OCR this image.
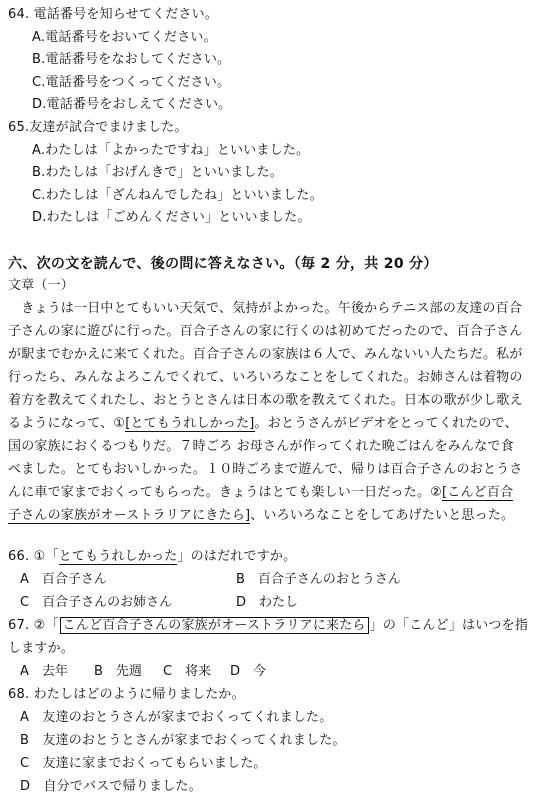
64. 電話番号を知らせてください。
A.電話番号をおいてください。
B.電話番号をなおしてください。
C.電話番号をつくってください。
D.電話番号をおしえてください。
65.友達が試合でまけました。
A.わたしは「よかったですね」といいました。
B.わたしは「おげんきで」といいました。
C.わたしは「ざんねんでしたね」といいました。
D.わたしは「ごめんください」といいました。
六、次の文を読んで、後の問に答えなさい。（毎 2 分，共 20 分）
文章（一）
　きょうは一日中とてもいい天気で、気持がよかった。午後からテニス部の友達の百合
子さんの家に遊びに行った。百合子さんの家に行くのは初めてだったので、百合子さん
が駅までむかえに来てくれた。百合子さんの家族は６人で、みんないい人たちだ。私が
行ったら、みんなよろこんでくれて、いろいろなことをしてくれた。お姉さんは着物の
着方を教えてくれたし、おとうとさんは日本の歌を教えてくれた。日本の歌が少し歌え
るようになって、①[とてもうれしかった]。おとうさんがビデオをとってくれたので、
国の家族におくるつもりだ。７時ごろ お母さんが作ってくれた晩ごはんをみんなで食
べました。とてもおいしかった。１０時ごろまで遊んで、帰りは百合子さんのおとうさ
んに車で家までおくってもらった。きょうはとても楽しい一日だった。②[こんど百合
子さんの家族がオーストラリアにきたら]、いろいろなことをしてあげたいと思った。
66. ①「とてもうれしかった」のはだれですか。
A　百合子さん	B　百合子さんのおとうさん
C　百合子さんのお姉さん	D　わたし
67. ②「 こんど百合子さんの家族がオーストラリアに来たら 」の「こんど」はいつを指
しますか。
A　去年 B　先週 C　将来 D　今
68. わたしはどのように帰りましたか。
A　友達のおとうさんが家までおくってくれました。
B　友達のおとうとさんが家までおくってくれました。
C　友達に家までおくってもらいました。
D　自分でバスで帰りました。
